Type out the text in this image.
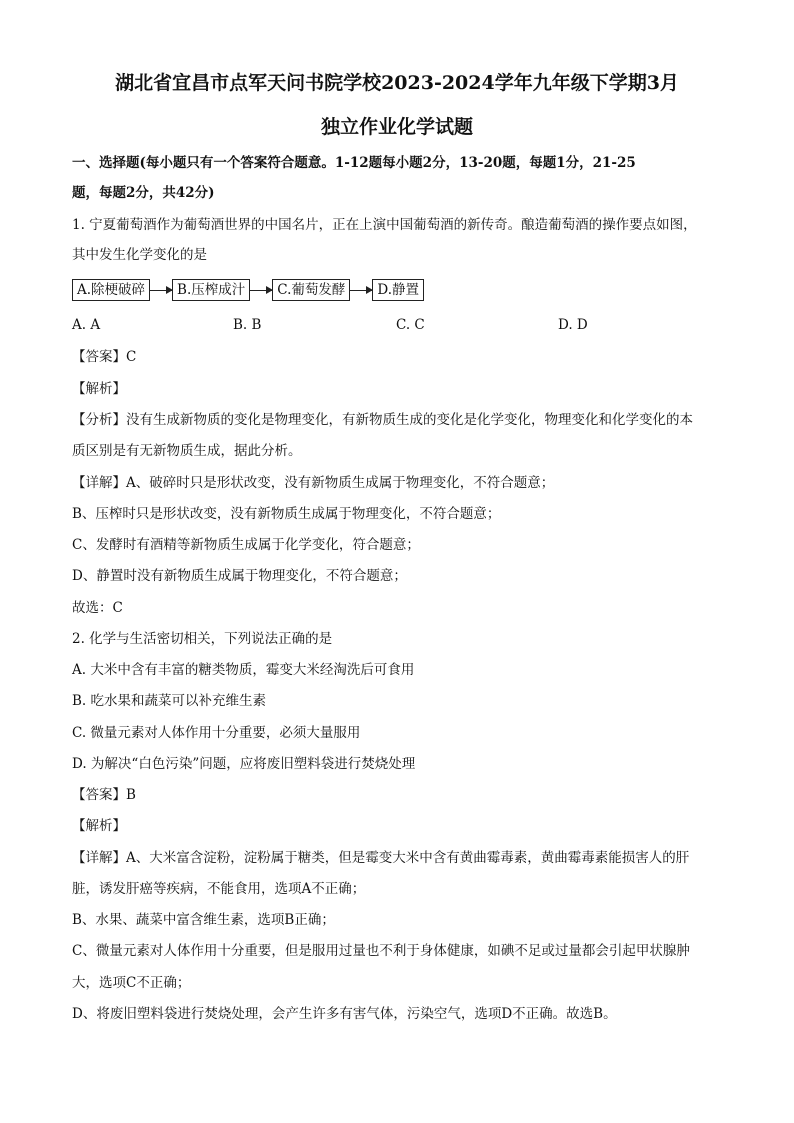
湖北省宜昌市点军天问书院学校2023-2024学年九年级下学期3月
独立作业化学试题
一、选择题(每小题只有一个答案符合题意。1-12题每小题2分，13-20题，每题1分，21-25
题，每题2分，共42分)
1. 宁夏葡萄酒作为葡萄酒世界的中国名片，正在上演中国葡萄酒的新传奇。酿造葡萄酒的操作要点如图，
其中发生化学变化的是
A.除梗破碎	B.压榨成汁	C.葡萄发酵	D.静置
A. A	B. B	C. C	D. D
【答案】C
【解析】
【分析】没有生成新物质的变化是物理变化，有新物质生成的变化是化学变化，物理变化和化学变化的本
质区别是有无新物质生成，据此分析。
【详解】A、破碎时只是形状改变，没有新物质生成属于物理变化，不符合题意；
B、压榨时只是形状改变，没有新物质生成属于物理变化，不符合题意；
C、发酵时有酒精等新物质生成属于化学变化，符合题意；
D、静置时没有新物质生成属于物理变化，不符合题意；
故选：C
2. 化学与生活密切相关，下列说法正确的是
A. 大米中含有丰富的糖类物质，霉变大米经淘洗后可食用
B. 吃水果和蔬菜可以补充维生素
C. 微量元素对人体作用十分重要，必须大量服用
D. 为解决“白色污染”问题，应将废旧塑料袋进行焚烧处理
【答案】B
【解析】
【详解】A、大米富含淀粉，淀粉属于糖类，但是霉变大米中含有黄曲霉毒素，黄曲霉毒素能损害人的肝
脏，诱发肝癌等疾病，不能食用，选项A不正确；
B、水果、蔬菜中富含维生素，选项B正确；
C、微量元素对人体作用十分重要，但是服用过量也不利于身体健康，如碘不足或过量都会引起甲状腺肿
大，选项C不正确；
D、将废旧塑料袋进行焚烧处理，会产生许多有害气体，污染空气，选项D不正确。故选B。
